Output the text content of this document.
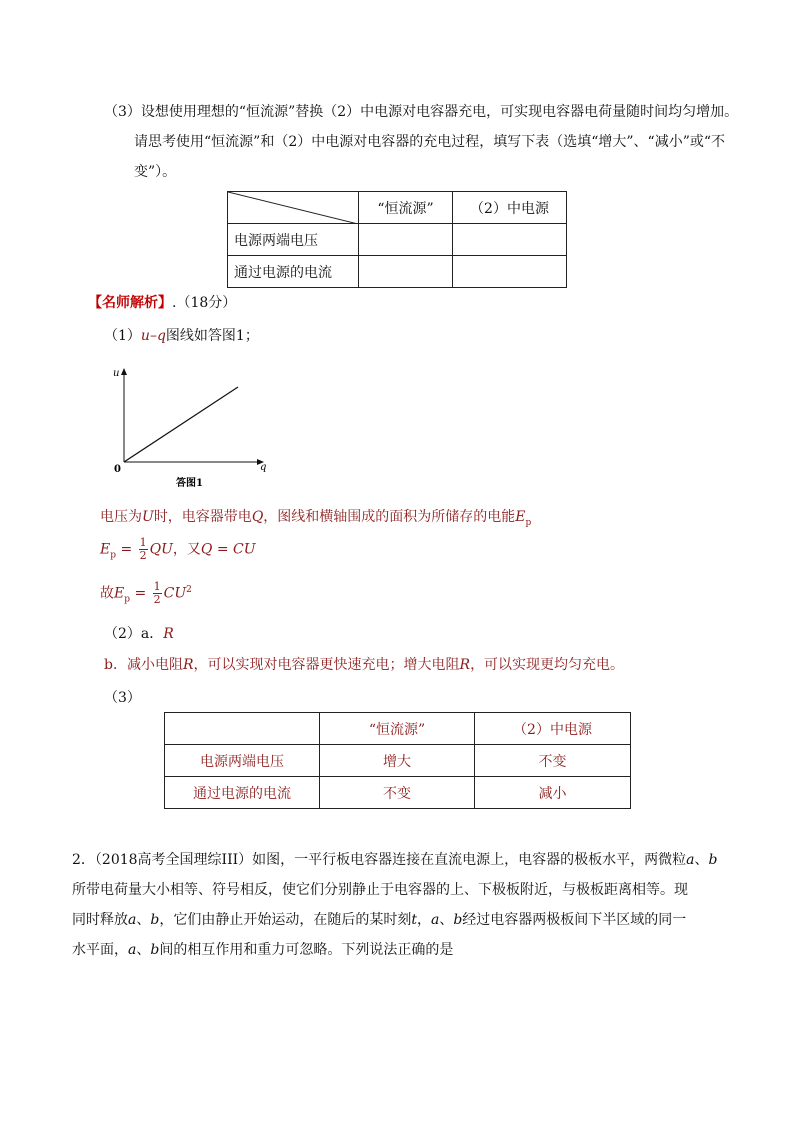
（3）设想使用理想的“恒流源”替换（2）中电源对电容器充电，可实现电容器电荷量随时间均匀增加。
请思考使用“恒流源”和（2）中电源对电容器的充电过程，填写下表（选填“增大”、“减小”或“不
变”）。
	“恒流源”	（2）中电源
电源两端电压		
通过电源的电流		
【名师解析】.（18分）
（1）u–q图线如答图1；
u
q
0
答图1
电压为U时，电容器带电Q，图线和横轴围成的面积为所储存的电能$E_p$
$E_p = \frac{1}{2}$ QU，又Q = CU
故$E_p = \frac{1}{2} CU^2$
（2）a．R
b．减小电阻R，可以实现对电容器更快速充电；增大电阻R，可以实现更均匀充电。
（3）
	“恒流源”	（2）中电源
电源两端电压	增大	不变
通过电源的电流	不变	减小
2．（2018高考全国理综III）如图，一平行板电容器连接在直流电源上，电容器的极板水平，两微粒a、b
所带电荷量大小相等、符号相反，使它们分别静止于电容器的上、下极板附近，与极板距离相等。现
同时释放a、b，它们由静止开始运动，在随后的某时刻t，a、b经过电容器两极板间下半区域的同一
水平面，a、b间的相互作用和重力可忽略。下列说法正确的是
